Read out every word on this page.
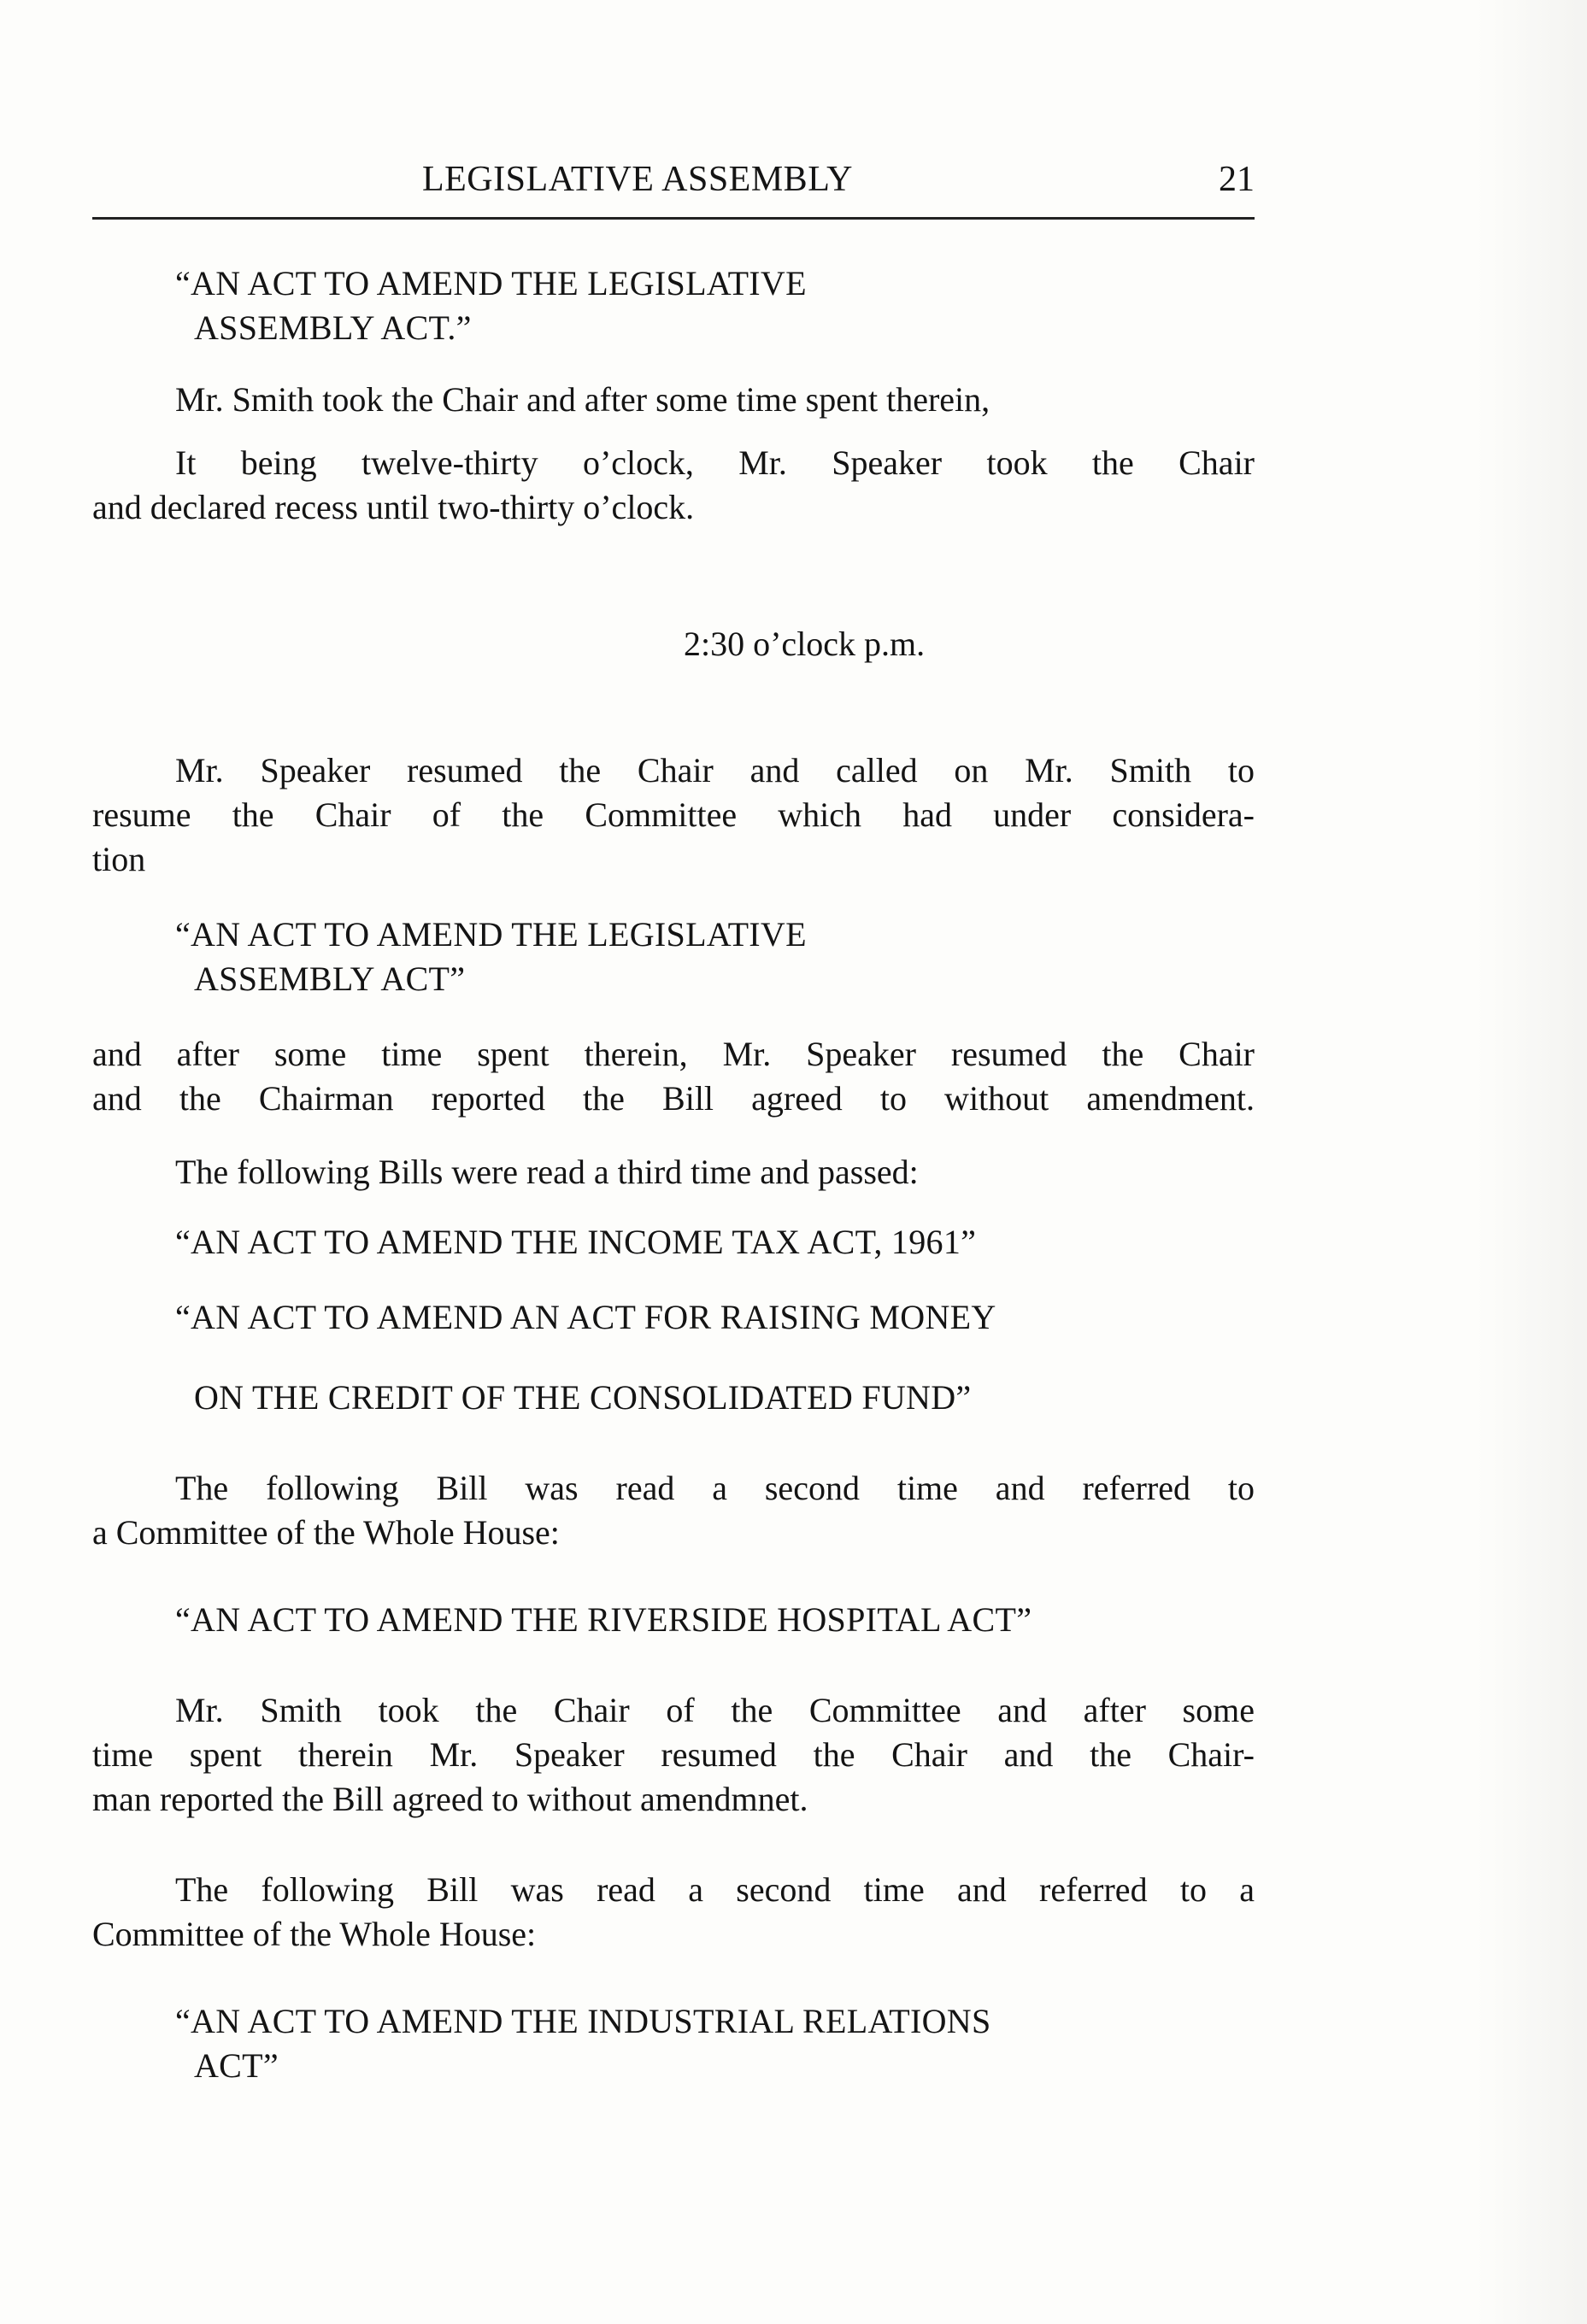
LEGISLATIVE ASSEMBLY	21
“AN ACT TO AMEND THE LEGISLATIVE
ASSEMBLY ACT.”
Mr. Smith took the Chair and after some time spent therein,
It being twelve-thirty o’clock, Mr. Speaker took the Chair
and declared recess until two-thirty o’clock.
2:30 o’clock p.m.
Mr. Speaker resumed the Chair and called on Mr. Smith to
resume the Chair of the Committee which had under considera-
tion
“AN ACT TO AMEND THE LEGISLATIVE
ASSEMBLY ACT”
and after some time spent therein, Mr. Speaker resumed the Chair
and the Chairman reported the Bill agreed to without amendment.
The following Bills were read a third time and passed:
“AN ACT TO AMEND THE INCOME TAX ACT, 1961”
“AN ACT TO AMEND AN ACT FOR RAISING MONEY
ON THE CREDIT OF THE CONSOLIDATED FUND”
The following Bill was read a second time and referred to
a Committee of the Whole House:
“AN ACT TO AMEND THE RIVERSIDE HOSPITAL ACT”
Mr. Smith took the Chair of the Committee and after some
time spent therein Mr. Speaker resumed the Chair and the Chair-
man reported the Bill agreed to without amendmnet.
The following Bill was read a second time and referred to a
Committee of the Whole House:
“AN ACT TO AMEND THE INDUSTRIAL RELATIONS
ACT”
